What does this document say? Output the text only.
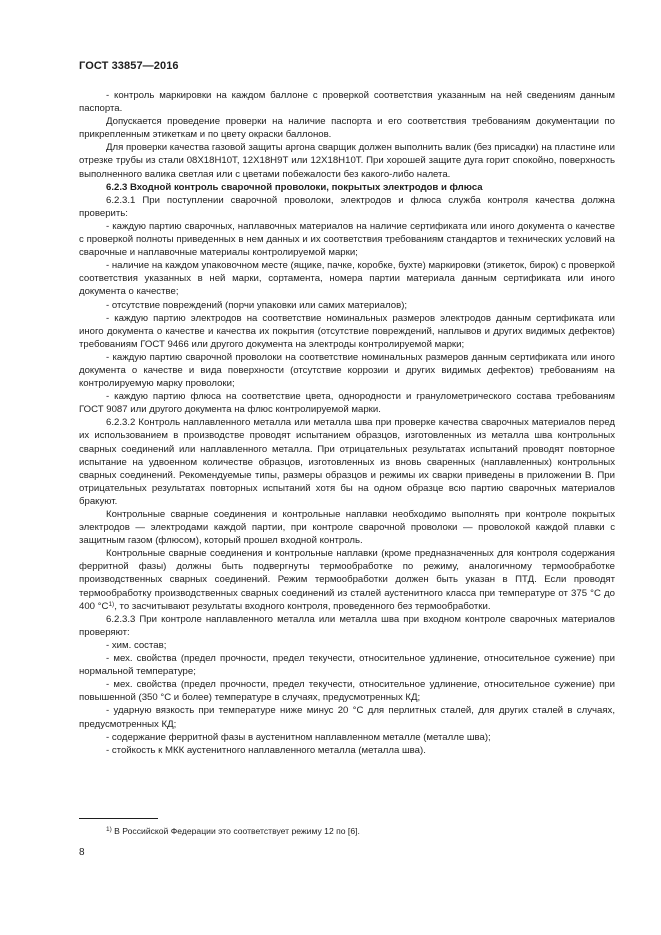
ГОСТ 33857—2016

- контроль маркировки на каждом баллоне с проверкой соответствия указанным на ней сведениям данным паспорта.

Допускается проведение проверки на наличие паспорта и его соответствия требованиям документации по прикрепленным этикеткам и по цвету окраски баллонов.

Для проверки качества газовой защиты аргона сварщик должен выполнить валик (без присадки) на пластине или отрезке трубы из стали 08Х18Н10Т, 12Х18Н9Т или 12Х18Н10Т. При хорошей защите дуга горит спокойно, поверхность выполненного валика светлая или с цветами побежалости без какого-либо налета.

6.2.3 Входной контроль сварочной проволоки, покрытых электродов и флюса

6.2.3.1 При поступлении сварочной проволоки, электродов и флюса служба контроля качества должна проверить:

- каждую партию сварочных, наплавочных материалов на наличие сертификата или иного документа о качестве с проверкой полноты приведенных в нем данных и их соответствия требованиям стандартов и технических условий на сварочные и наплавочные материалы контролируемой марки;

- наличие на каждом упаковочном месте (ящике, пачке, коробке, бухте) маркировки (этикеток, бирок) с проверкой соответствия указанных в ней марки, сортамента, номера партии материала данным сертификата или иного документа о качестве;

- отсутствие повреждений (порчи упаковки или самих материалов);

- каждую партию электродов на соответствие номинальных размеров электродов данным сертификата или иного документа о качестве и качества их покрытия (отсутствие повреждений, наплывов и других видимых дефектов) требованиям ГОСТ 9466 или другого документа на электроды контролируемой марки;

- каждую партию сварочной проволоки на соответствие номинальных размеров данным сертификата или иного документа о качестве и вида поверхности (отсутствие коррозии и других видимых дефектов) требованиям на контролируемую марку проволоки;

- каждую партию флюса на соответствие цвета, однородности и гранулометрического состава требованиям ГОСТ 9087 или другого документа на флюс контролируемой марки.

6.2.3.2 Контроль наплавленного металла или металла шва при проверке качества сварочных материалов перед их использованием в производстве проводят испытанием образцов, изготовленных из металла шва контрольных сварных соединений или наплавленного металла. При отрицательных результатах испытаний проводят повторное испытание на удвоенном количестве образцов, изготовленных из вновь сваренных (наплавленных) контрольных сварных соединений. Рекомендуемые типы, размеры образцов и режимы их сварки приведены в приложении В. При отрицательных результатах повторных испытаний хотя бы на одном образце всю партию сварочных материалов бракуют.

Контрольные сварные соединения и контрольные наплавки необходимо выполнять при контроле покрытых электродов — электродами каждой партии, при контроле сварочной проволоки — проволокой каждой плавки с защитным газом (флюсом), который прошел входной контроль.

Контрольные сварные соединения и контрольные наплавки (кроме предназначенных для контроля содержания ферритной фазы) должны быть подвергнуты термообработке по режиму, аналогичному термообработке производственных сварных соединений. Режим термообработки должен быть указан в ПТД. Если проводят термообработку производственных сварных соединений из сталей аустенитного класса при температуре от 375 °С до 400 $^\circ С^{1)}$, то засчитывают результаты входного контроля, проведенного без термообработки.

6.2.3.3 При контроле наплавленного металла или металла шва при входном контроле сварочных материалов проверяют:

- хим. состав;

- мех. свойства (предел прочности, предел текучести, относительное удлинение, относительное сужение) при нормальной температуре;

- мех. свойства (предел прочности, предел текучести, относительное удлинение, относительное сужение) при повышенной (350 °С и более) температуре в случаях, предусмотренных КД;

- ударную вязкость при температуре ниже минус 20 °С для перлитных сталей, для других сталей в случаях, предусмотренных КД;

- содержание ферритной фазы в аустенитном наплавленном металле (металле шва);

- стойкость к МКК аустенитного наплавленного металла (металла шва).

$^{1)}$ В Российской Федерации это соответствует режиму 12 по [6].
8
